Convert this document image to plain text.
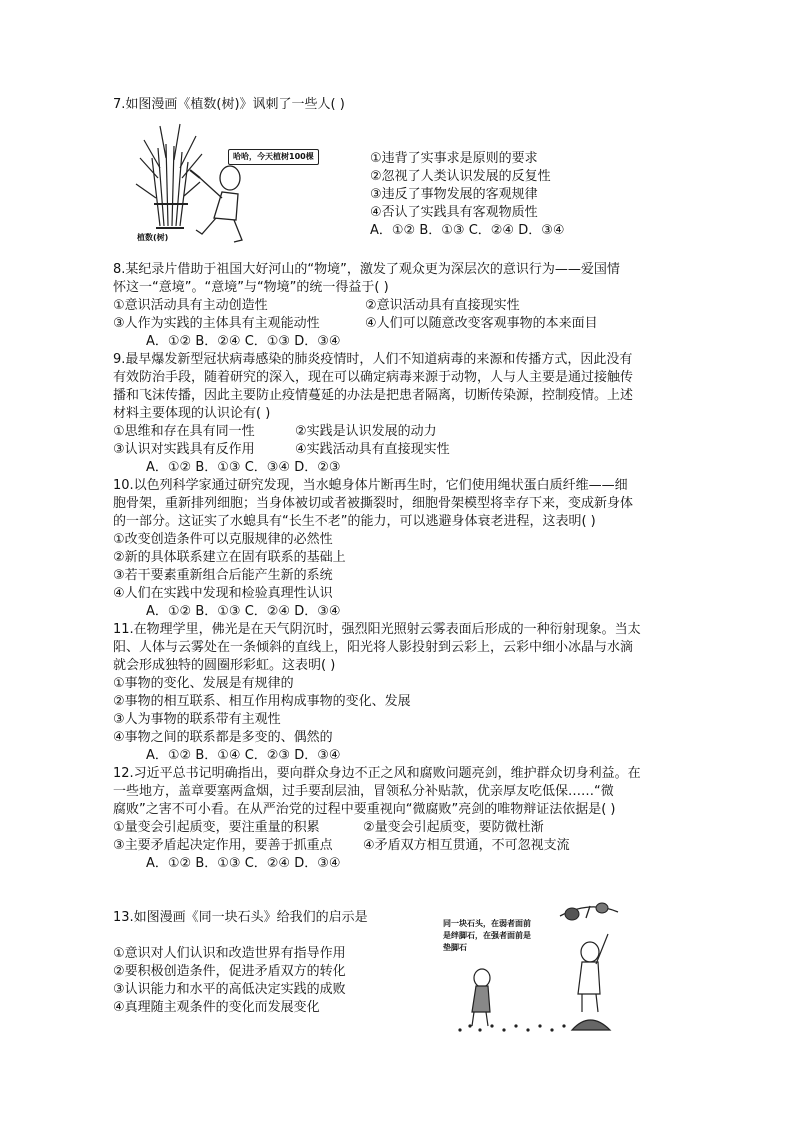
7.如图漫画《植数(树)》讽刺了一些人( )
哈哈，今天植树100棵
植数(树)
①违背了实事求是原则的要求
②忽视了人类认识发展的反复性
③违反了事物发展的客观规律
④否认了实践具有客观物质性
A．①② B．①③ C．②④ D．③④
8.某纪录片借助于祖国大好河山的“物境”，激发了观众更为深层次的意识行为——爱国情
怀这一“意境”。“意境”与“物境”的统一得益于( )
①意识活动具有主动创造性	②意识活动具有直接现实性
③人作为实践的主体具有主观能动性	④人们可以随意改变客观事物的本来面目
A．①② B．②④ C．①③ D．③④
9.最早爆发新型冠状病毒感染的肺炎疫情时，人们不知道病毒的来源和传播方式，因此没有
有效防治手段，随着研究的深入，现在可以确定病毒来源于动物，人与人主要是通过接触传
播和飞沫传播，因此主要防止疫情蔓延的办法是把患者隔离，切断传染源，控制疫情。上述
材料主要体现的认识论有( )
①思维和存在具有同一性	②实践是认识发展的动力
③认识对实践具有反作用	④实践活动具有直接现实性
A．①② B．①③ C．③④ D．②③
10.以色列科学家通过研究发现，当水螅身体片断再生时，它们使用绳状蛋白质纤维——细
胞骨架，重新排列细胞；当身体被切或者被撕裂时，细胞骨架模型将幸存下来，变成新身体
的一部分。这证实了水螅具有“长生不老”的能力，可以逃避身体衰老进程，这表明( )
①改变创造条件可以克服规律的必然性
②新的具体联系建立在固有联系的基础上
③若干要素重新组合后能产生新的系统
④人们在实践中发现和检验真理性认识
A．①② B．①③ C．②④ D．③④
11.在物理学里，佛光是在天气阴沉时，强烈阳光照射云雾表面后形成的一种衍射现象。当太
阳、人体与云雾处在一条倾斜的直线上，阳光将人影投射到云彩上，云彩中细小冰晶与水滴
就会形成独特的圆圈形彩虹。这表明( )
①事物的变化、发展是有规律的
②事物的相互联系、相互作用构成事物的变化、发展
③人为事物的联系带有主观性
④事物之间的联系都是多变的、偶然的
A．①② B．①④ C．②③ D．③④
12.习近平总书记明确指出，要向群众身边不正之风和腐败问题亮剑，维护群众切身利益。在
一些地方，盖章要塞两盒烟，过手要刮层油，冒领私分补贴款，优亲厚友吃低保……“微
腐败”之害不可小看。在从严治党的过程中要重视向“微腐败”亮剑的唯物辩证法依据是( )
①量变会引起质变，要注重量的积累	②量变会引起质变，要防微杜渐
③主要矛盾起决定作用，要善于抓重点 ④矛盾双方相互贯通，不可忽视支流
A．①② B．①③ C．②④ D．③④
13.如图漫画《同一块石头》给我们的启示是
①意识对人们认识和改造世界有指导作用
②要积极创造条件，促进矛盾双方的转化
③认识能力和水平的高低决定实践的成败
④真理随主观条件的变化而发展变化
同一块石头，在弱者面前
是绊脚石，在强者面前是
垫脚石
